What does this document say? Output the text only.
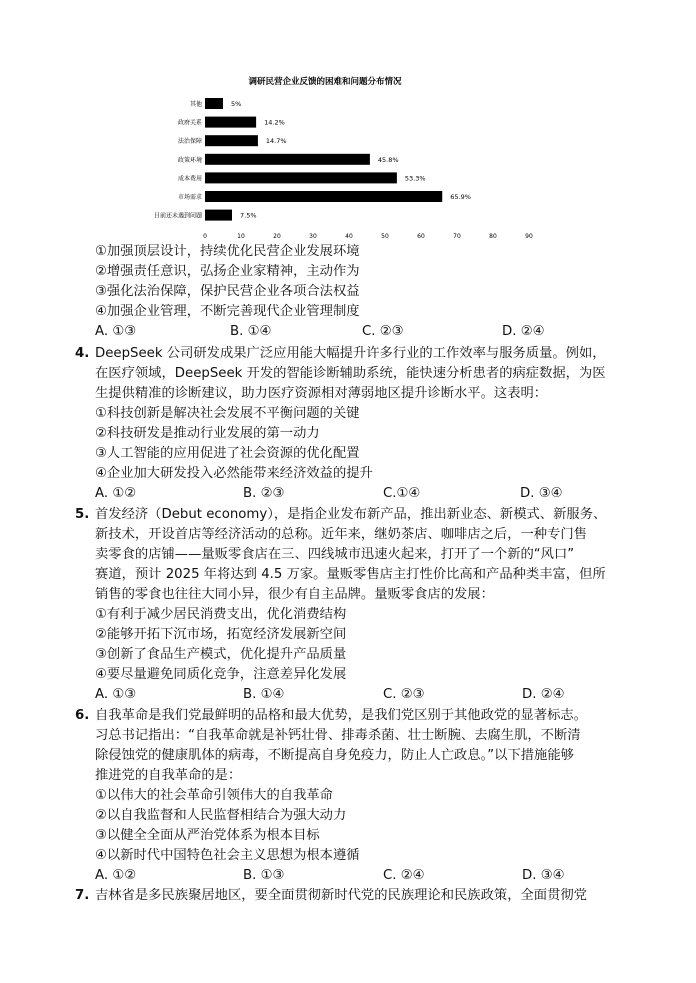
调研民营企业反馈的困难和问题分布情况
其他
政府关系
法治保障
政策环境
成本费用
市场需求
目前还未遇到问题
5%
14.2%
14.7%
45.8%
53.3%
65.9%
7.5%
0	10	20	30	40	50	60	70	80	90
①加强顶层设计，持续优化民营企业发展环境
②增强责任意识，弘扬企业家精神，主动作为
③强化法治保障，保护民营企业各项合法权益
④加强企业管理，不断完善现代企业管理制度
A. ①③	B. ①④	C. ②③	D. ②④
4. DeepSeek 公司研发成果广泛应用能大幅提升许多行业的工作效率与服务质量。例如，
在医疗领域，DeepSeek 开发的智能诊断辅助系统，能快速分析患者的病症数据，为医
生提供精准的诊断建议，助力医疗资源相对薄弱地区提升诊断水平。这表明：
①科技创新是解决社会发展不平衡问题的关键
②科技研发是推动行业发展的第一动力
③人工智能的应用促进了社会资源的优化配置
④企业加大研发投入必然能带来经济效益的提升
A. ①②	B. ②③	C.①④	D. ③④
5. 首发经济（Debut economy），是指企业发布新产品，推出新业态、新模式、新服务、
新技术，开设首店等经济活动的总称。近年来，继奶茶店、咖啡店之后，一种专门售
卖零食的店铺——量贩零食店在三、四线城市迅速火起来，打开了一个新的“风口”
赛道，预计 2025 年将达到 4.5 万家。量贩零售店主打性价比高和产品种类丰富，但所
销售的零食也往往大同小异，很少有自主品牌。量贩零食店的发展：
①有利于减少居民消费支出，优化消费结构
②能够开拓下沉市场，拓宽经济发展新空间
③创新了食品生产模式，优化提升产品质量
④要尽量避免同质化竞争，注意差异化发展
A. ①③	B. ①④	C. ②③	D. ②④
6. 自我革命是我们党最鲜明的品格和最大优势，是我们党区别于其他政党的显著标志。
习总书记指出：“自我革命就是补钙壮骨、排毒杀菌、壮士断腕、去腐生肌，不断清
除侵蚀党的健康肌体的病毒，不断提高自身免疫力，防止人亡政息。”以下措施能够
推进党的自我革命的是：
①以伟大的社会革命引领伟大的自我革命
②以自我监督和人民监督相结合为强大动力
③以健全全面从严治党体系为根本目标
④以新时代中国特色社会主义思想为根本遵循
A. ①②	B. ①③	C. ②④	D. ③④
7. 吉林省是多民族聚居地区，要全面贯彻新时代党的民族理论和民族政策，全面贯彻党
